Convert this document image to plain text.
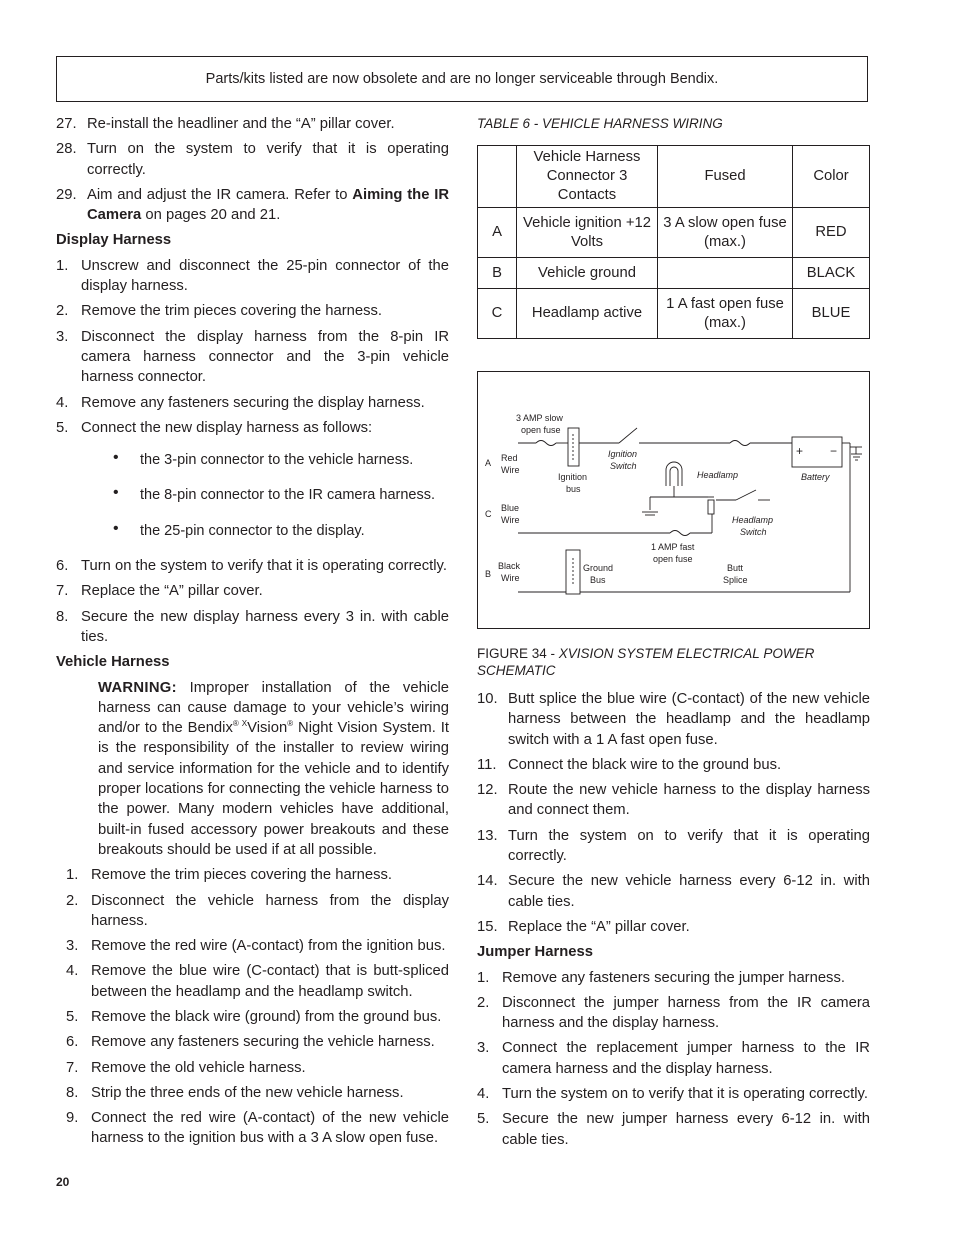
Parts/kits listed are now obsolete and are no longer serviceable through Bendix.
27. Re-install the headliner and the “A” pillar cover.
28. Turn on the system to verify that it is operating correctly.
29. Aim and adjust the IR camera. Refer to Aiming the IR Camera on pages 20 and 21.
Display Harness
1. Unscrew and disconnect the 25-pin connector of the display harness.
2. Remove the trim pieces covering the harness.
3. Disconnect the display harness from the 8-pin IR camera harness connector and the 3-pin vehicle harness connector.
4. Remove any fasteners securing the display harness.
5. Connect the new display harness as follows:
• the 3-pin connector to the vehicle harness.
• the 8-pin connector to the IR camera harness.
• the 25-pin connector to the display.
6. Turn on the system to verify that it is operating correctly.
7. Replace the “A” pillar cover.
8. Secure the new display harness every 3 in. with cable ties.
Vehicle Harness
WARNING: Improper installation of the vehicle harness can cause damage to your vehicle’s wiring and/or to the Bendix® $^X$Vision® Night Vision System. It is the responsibility of the installer to review wiring and service information for the vehicle and to identify proper locations for connecting the vehicle harness to the power. Many modern vehicles have additional, built-in fused accessory power breakouts and these breakouts should be used if at all possible.
1. Remove the trim pieces covering the harness.
2. Disconnect the vehicle harness from the display harness.
3. Remove the red wire (A-contact) from the ignition bus.
4. Remove the blue wire (C-contact) that is butt-spliced between the headlamp and the headlamp switch.
5. Remove the black wire (ground) from the ground bus.
6. Remove any fasteners securing the vehicle harness.
7. Remove the old vehicle harness.
8. Strip the three ends of the new vehicle harness.
9. Connect the red wire (A-contact) of the new vehicle harness to the ignition bus with a 3 A slow open fuse.
TABLE 6 - VEHICLE HARNESS WIRING
	Vehicle Harness Connector 3 Contacts	Fused	Color
A	Vehicle ignition +12 Volts	3 A slow open fuse (max.)	RED
B	Vehicle ground		BLACK
C	Headlamp active	1 A fast open fuse (max.)	BLUE
3 AMP slow
open fuse
A Red
Wire
Ignition
bus
Ignition
Switch
Headlamp	Battery
+ −
C
Blue
Wire	Headlamp
Switch
1 AMP fast
open fuse
Butt
Splice
Ground
Bus
B
Black
Wire
FIGURE 34 - XVISION SYSTEM ELECTRICAL POWER SCHEMATIC
10. Butt splice the blue wire (C-contact) of the new vehicle harness between the headlamp and the headlamp switch with a 1 A fast open fuse.
11. Connect the black wire to the ground bus.
12. Route the new vehicle harness to the display harness and connect them.
13. Turn the system on to verify that it is operating correctly.
14. Secure the new vehicle harness every 6-12 in. with cable ties.
15. Replace the “A” pillar cover.
Jumper Harness
1. Remove any fasteners securing the jumper harness.
2. Disconnect the jumper harness from the IR camera harness and the display harness.
3. Connect the replacement jumper harness to the IR camera harness and the display harness.
4. Turn the system on to verify that it is operating correctly.
5. Secure the new jumper harness every 6-12 in. with cable ties.
20
